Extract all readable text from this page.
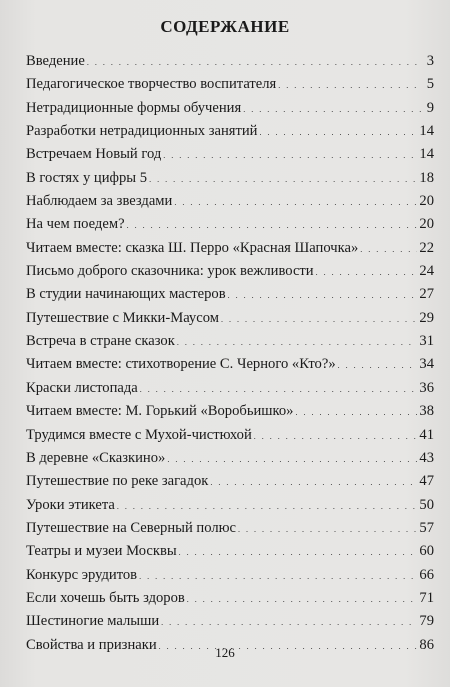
СОДЕРЖАНИЕ
Введение . . .	3
Педагогическое творчество воспитателя . . .	5
Нетрадиционные формы обучения . . .	9
Разработки нетрадиционных занятий . . .	14
Встречаем Новый год . . .	14
В гостях у цифры 5 . . .	18
Наблюдаем за звездами . . .	20
На чем поедем? . . .	20
Читаем вместе: сказка Ш. Перро «Красная Шапочка» . . .	22
Письмо доброго сказочника: урок вежливости . . .	24
В студии начинающих мастеров . . .	27
Путешествие с Микки-Маусом . . .	29
Встреча в стране сказок . . .	31
Читаем вместе: стихотворение С. Черного «Кто?» . . .	34
Краски листопада . . .	36
Читаем вместе: М. Горький «Воробьишко» . . .	38
Трудимся вместе с Мухой-чистюхой . . .	41
В деревне «Сказкино» . . .	43
Путешествие по реке загадок . . .	47
Уроки этикета . . .	50
Путешествие на Северный полюс . . .	57
Театры и музеи Москвы . . .	60
Конкурс эрудитов . . .	66
Если хочешь быть здоров . . .	71
Шестиногие малыши . . .	79
Свойства и признаки . . .	86
126
